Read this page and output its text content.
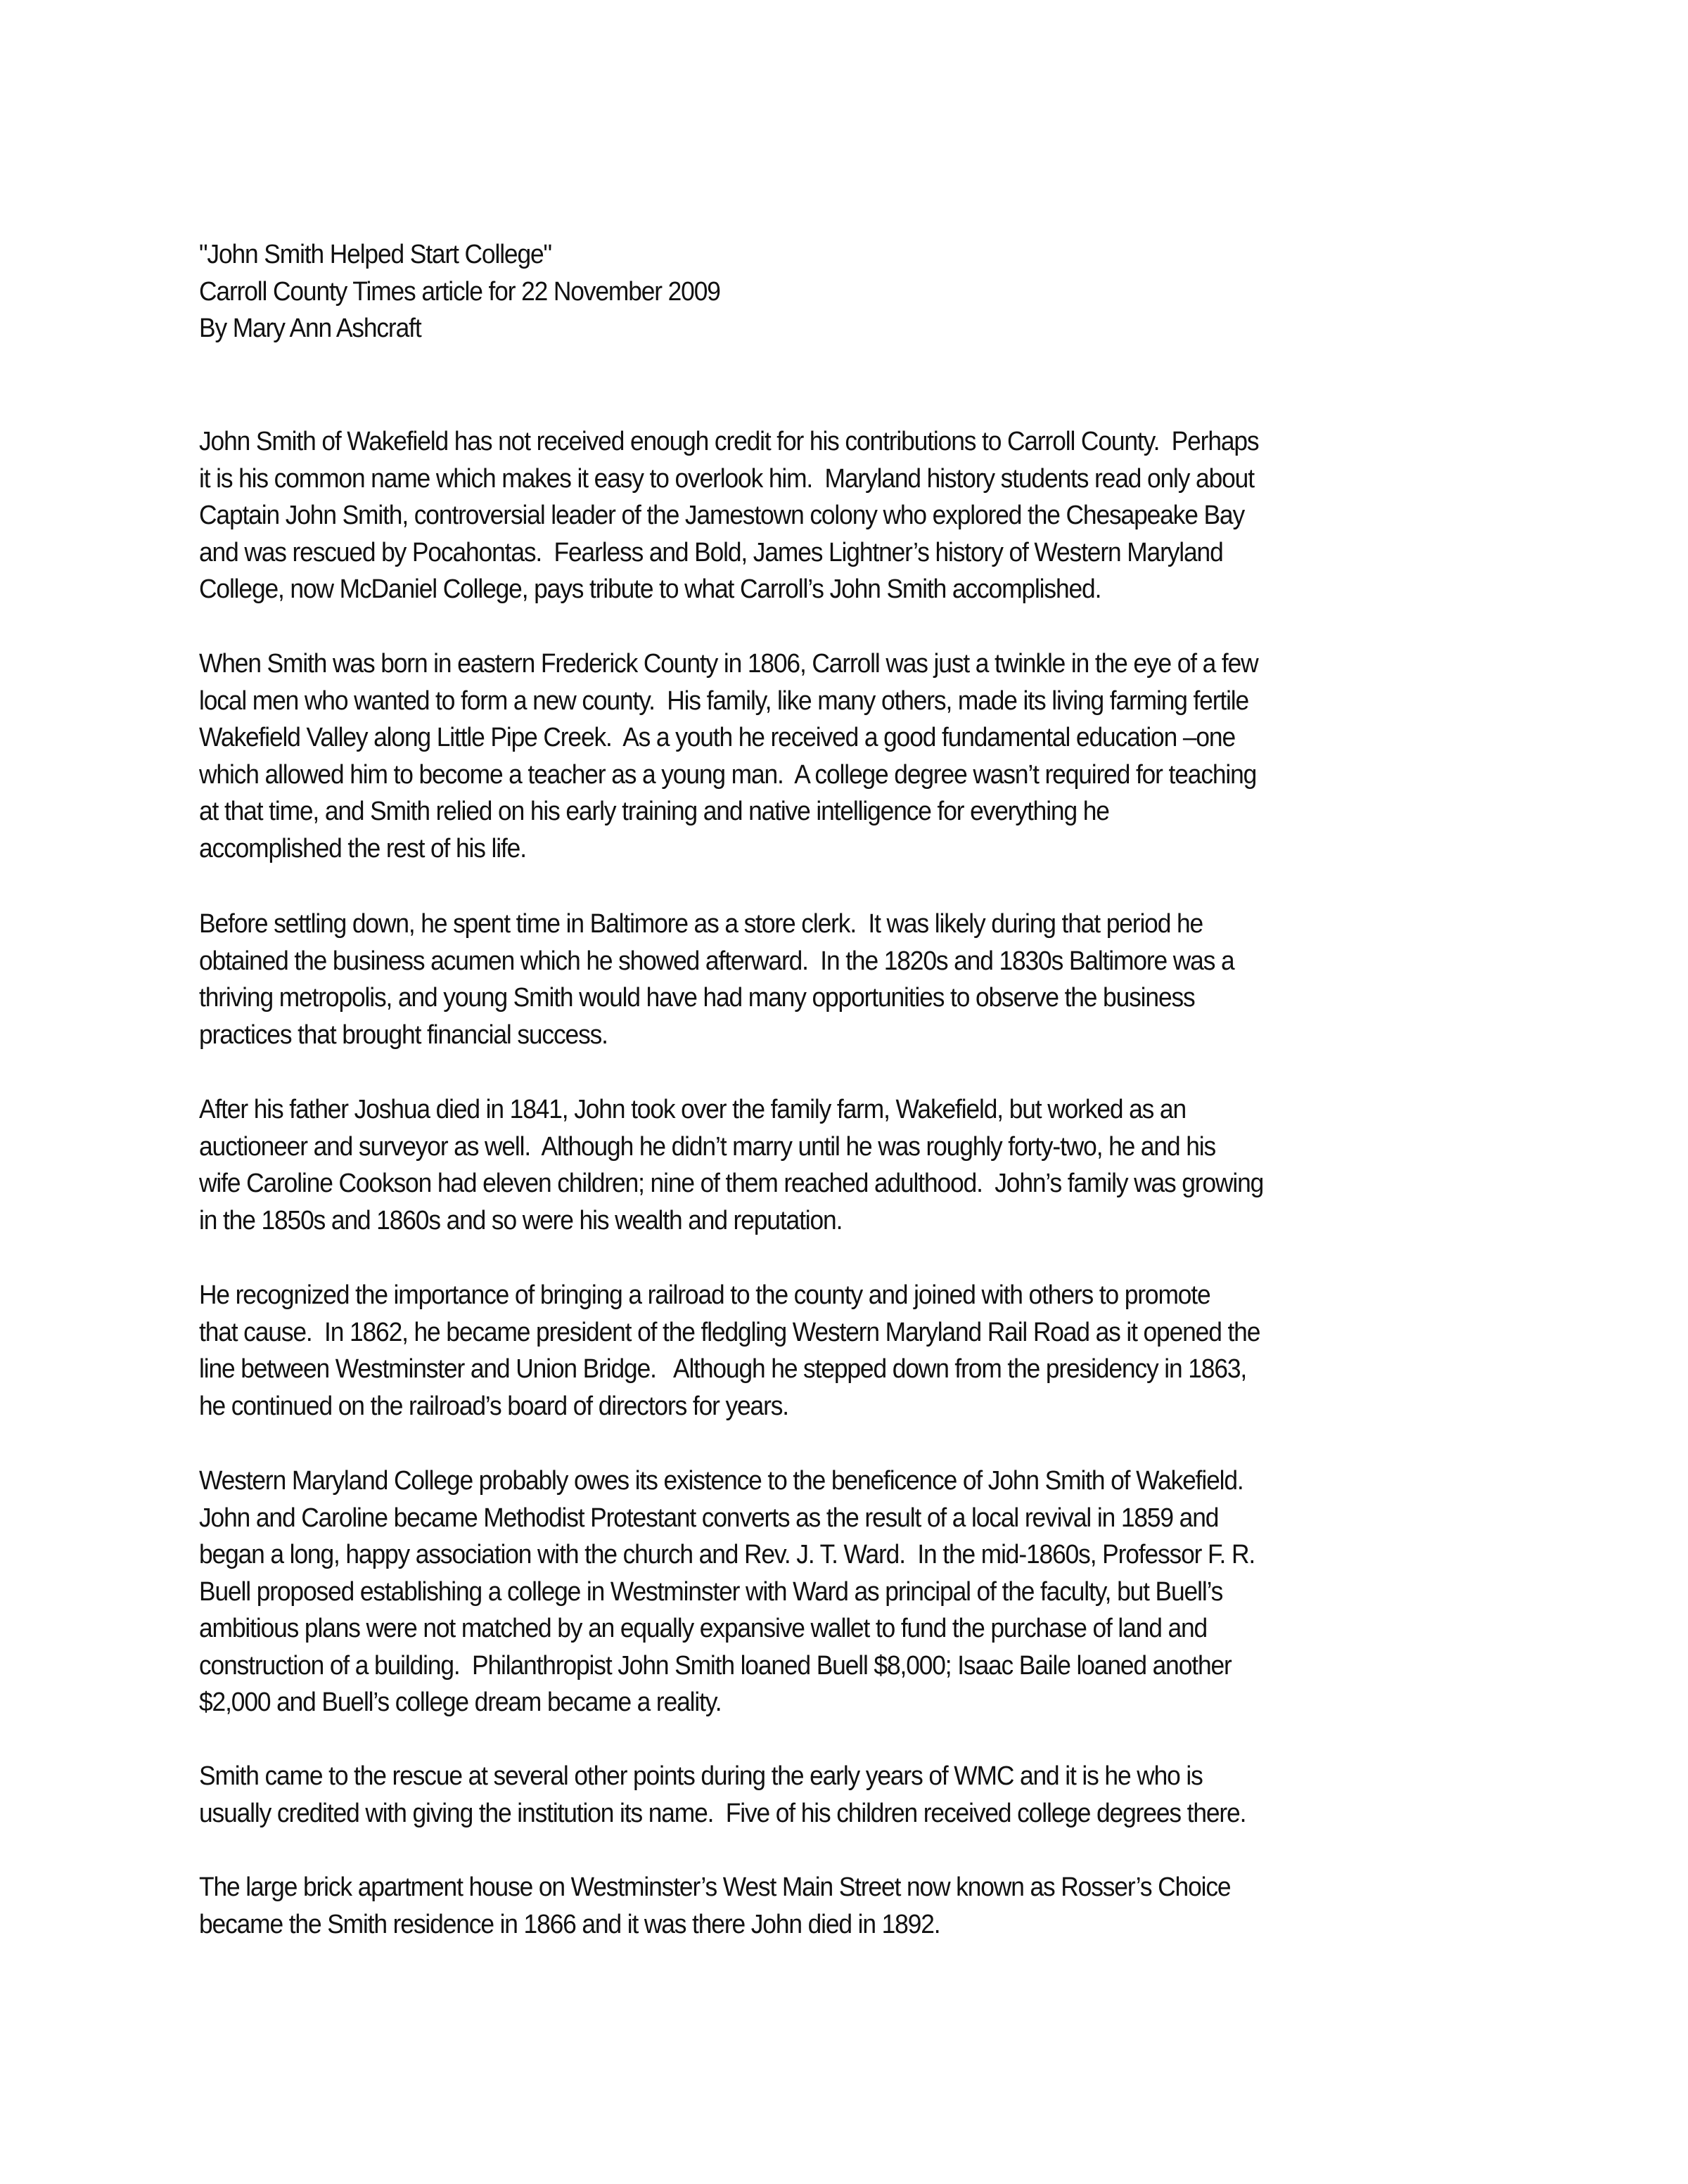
"John Smith Helped Start College"
Carroll County Times article for 22 November 2009
By Mary Ann Ashcraft
John Smith of Wakefield has not received enough credit for his contributions to Carroll County.  Perhaps
it is his common name which makes it easy to overlook him.  Maryland history students read only about
Captain John Smith, controversial leader of the Jamestown colony who explored the Chesapeake Bay
and was rescued by Pocahontas.  Fearless and Bold, James Lightner’s history of Western Maryland
College, now McDaniel College, pays tribute to what Carroll’s John Smith accomplished.
When Smith was born in eastern Frederick County in 1806, Carroll was just a twinkle in the eye of a few
local men who wanted to form a new county.  His family, like many others, made its living farming fertile
Wakefield Valley along Little Pipe Creek.  As a youth he received a good fundamental education –one
which allowed him to become a teacher as a young man.  A college degree wasn’t required for teaching
at that time, and Smith relied on his early training and native intelligence for everything he
accomplished the rest of his life.
Before settling down, he spent time in Baltimore as a store clerk.  It was likely during that period he
obtained the business acumen which he showed afterward.  In the 1820s and 1830s Baltimore was a
thriving metropolis, and young Smith would have had many opportunities to observe the business
practices that brought financial success.
After his father Joshua died in 1841, John took over the family farm, Wakefield, but worked as an
auctioneer and surveyor as well.  Although he didn’t marry until he was roughly forty-two, he and his
wife Caroline Cookson had eleven children; nine of them reached adulthood.  John’s family was growing
in the 1850s and 1860s and so were his wealth and reputation.
He recognized the importance of bringing a railroad to the county and joined with others to promote
that cause.  In 1862, he became president of the fledgling Western Maryland Rail Road as it opened the
line between Westminster and Union Bridge.   Although he stepped down from the presidency in 1863,
he continued on the railroad’s board of directors for years.
Western Maryland College probably owes its existence to the beneficence of John Smith of Wakefield.
John and Caroline became Methodist Protestant converts as the result of a local revival in 1859 and
began a long, happy association with the church and Rev. J. T. Ward.  In the mid-1860s, Professor F. R.
Buell proposed establishing a college in Westminster with Ward as principal of the faculty, but Buell’s
ambitious plans were not matched by an equally expansive wallet to fund the purchase of land and
construction of a building.  Philanthropist John Smith loaned Buell $8,000; Isaac Baile loaned another
$2,000 and Buell’s college dream became a reality.
Smith came to the rescue at several other points during the early years of WMC and it is he who is
usually credited with giving the institution its name.  Five of his children received college degrees there.
The large brick apartment house on Westminster’s West Main Street now known as Rosser’s Choice
became the Smith residence in 1866 and it was there John died in 1892.
